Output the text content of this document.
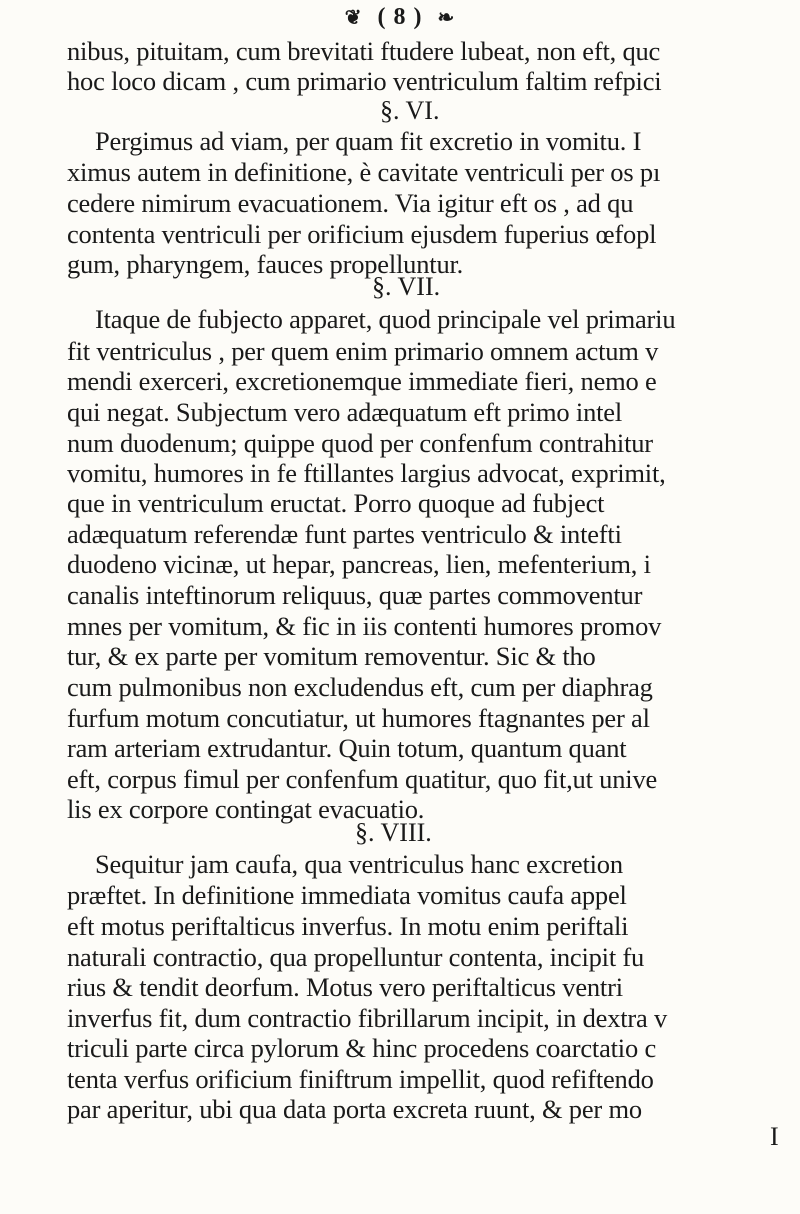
❦ ( 8 ) ❧
nibus, pituitam, cum brevitati ftudere lubeat, non eft, quc
hoc loco dicam , cum primario ventriculum faltim refpici
§. VI.
Pergimus ad viam, per quam fit excretio in vomitu. I
ximus autem in definitione, è cavitate ventriculi per os pı
cedere nimirum evacuationem. Via igitur eft os , ad qu
contenta ventriculi per orificium ejusdem fuperius œfopl
gum, pharyngem, fauces propelluntur.
§. VII.
Itaque de fubjecto apparet, quod principale vel primariu
fit ventriculus , per quem enim primario omnem actum v
mendi exerceri, excretionemque immediate fieri, nemo e
qui negat. Subjectum vero adæquatum eft primo intel
num duodenum; quippe quod per confenfum contrahitur
vomitu, humores in fe ftillantes largius advocat, exprimit,
que in ventriculum eructat. Porro quoque ad fubject
adæquatum referendæ funt partes ventriculo & intefti
duodeno vicinæ, ut hepar, pancreas, lien, mefenterium, i
canalis inteftinorum reliquus, quæ partes commoventur
mnes per vomitum, & fic in iis contenti humores promov
tur, & ex parte per vomitum removentur. Sic & tho
cum pulmonibus non excludendus eft, cum per diaphrag
furfum motum concutiatur, ut humores ftagnantes per al
ram arteriam extrudantur. Quin totum, quantum quant
eft, corpus fimul per confenfum quatitur, quo fit,ut unive
lis ex corpore contingat evacuatio.
§. VIII.
Sequitur jam caufa, qua ventriculus hanc excretion
præftet. In definitione immediata vomitus caufa appel
eft motus periftalticus inverfus. In motu enim periftali
naturali contractio, qua propelluntur contenta, incipit fu
rius & tendit deorfum. Motus vero periftalticus ventri
inverfus fit, dum contractio fibrillarum incipit, in dextra v
triculi parte circa pylorum & hinc procedens coarctatio c
tenta verfus orificium finiftrum impellit, quod refiftendo
par aperitur, ubi qua data porta excreta ruunt, & per mo
I
